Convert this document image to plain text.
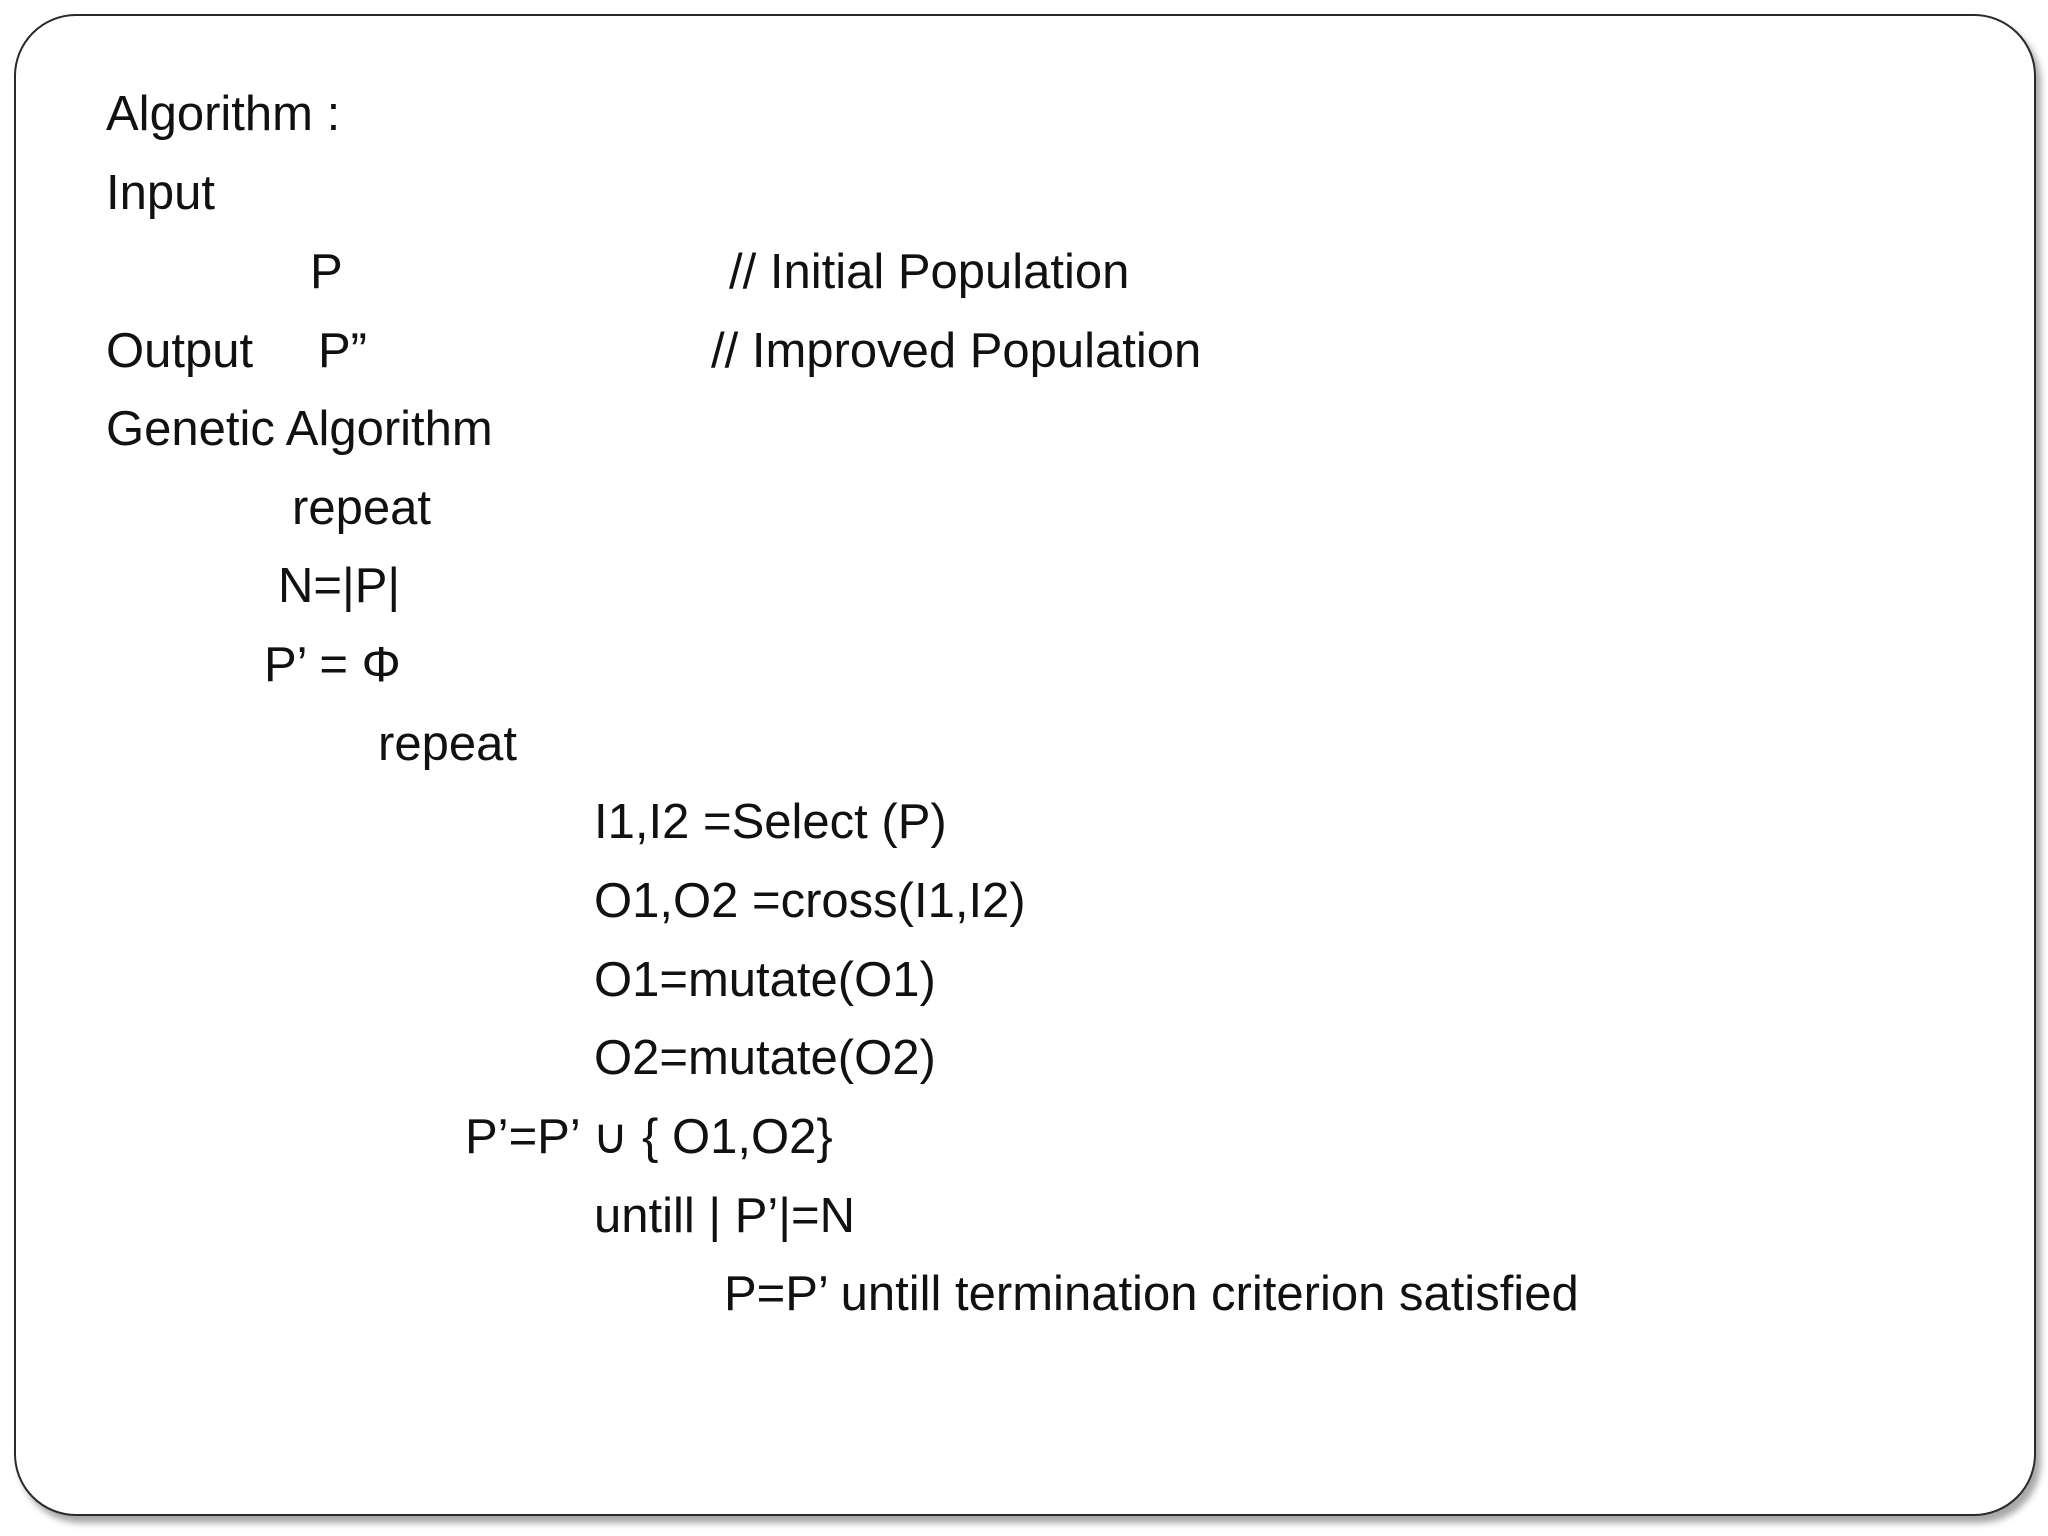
Algorithm :
Input
P	// Initial Population
Output P”	// Improved Population
Genetic Algorithm
repeat
N=|P|
P’ = Φ
repeat
I1,I2 =Select (P)
O1,O2 =cross(I1,I2)
O1=mutate(O1)
O2=mutate(O2)
P’=P’ ∪ { O1,O2}
untill | P’|=N
P=P’ untill termination criterion satisfied
